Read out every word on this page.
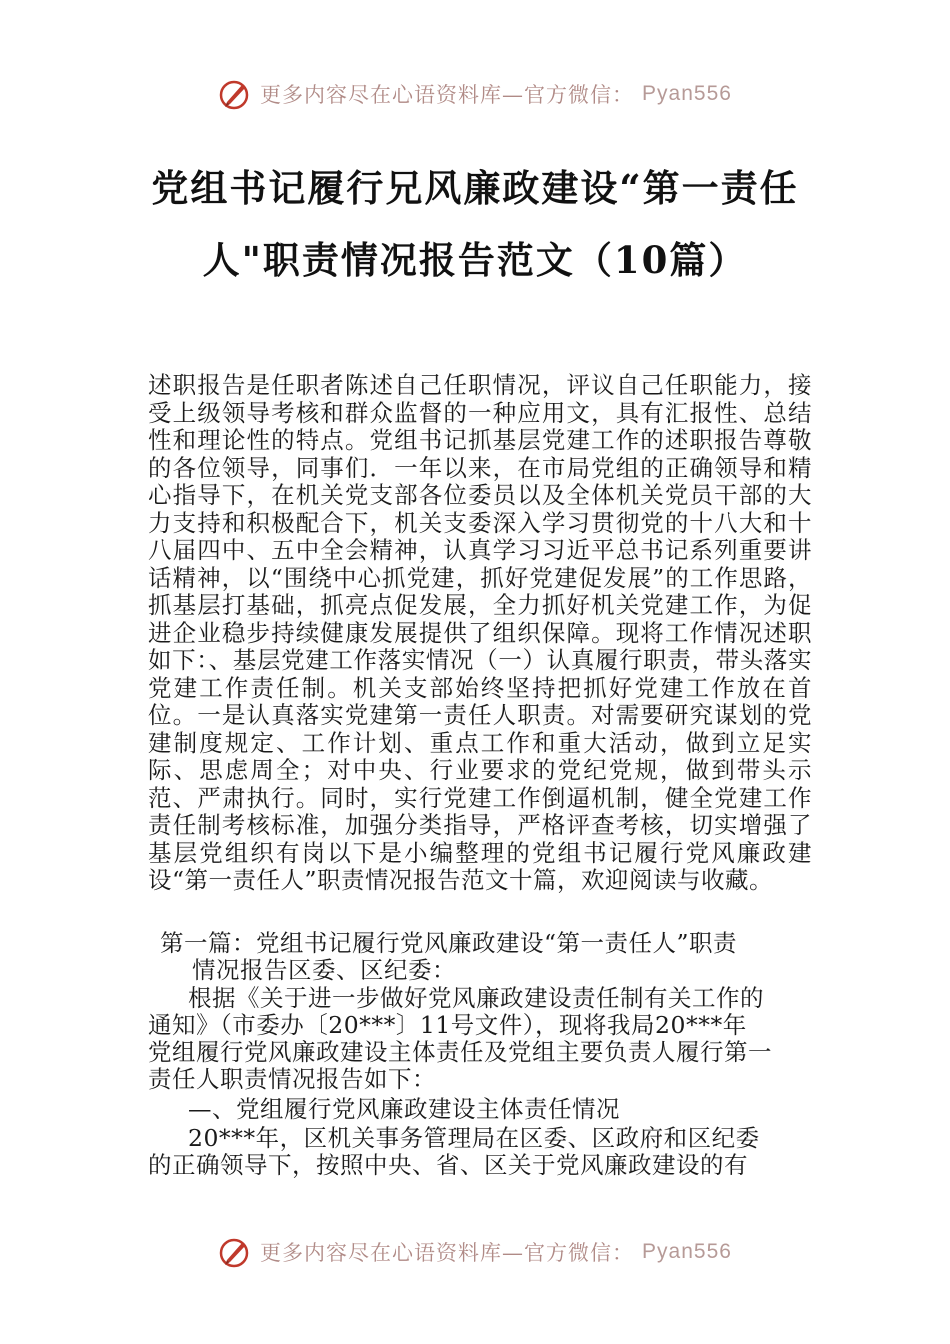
更多内容尽在心语资料库—官方微信： Pyan556
党组书记履行兄风廉政建设“第一责任
人"职责情况报告范文（10篇）
述职报告是任职者陈述自己任职情况，评议自己任职能力，接受上级领导考核和群众监督的一种应用文，具有汇报性、总结性和理论性的特点。党组书记抓基层党建工作的述职报告尊敬的各位领导，同事们．一年以来，在市局党组的正确领导和精心指导下，在机关党支部各位委员以及全体机关党员干部的大力支持和积极配合下，机关支委深入学习贯彻党的十八大和十八届四中、五中全会精神，认真学习习近平总书记系列重要讲话精神，以“围绕中心抓党建，抓好党建促发展”的工作思路，抓基层打基础，抓亮点促发展，全力抓好机关党建工作，为促进企业稳步持续健康发展提供了组织保障。现将工作情况述职如下：、基层党建工作落实情况（一）认真履行职责，带头落实党建工作责任制。机关支部始终坚持把抓好党建工作放在首位。一是认真落实党建第一责任人职责。对需要研究谋划的党建制度规定、工作计划、重点工作和重大活动，做到立足实际、思虑周全；对中央、行业要求的党纪党规，做到带头示范、严肃执行。同时，实行党建工作倒逼机制，健全党建工作责任制考核标准，加强分类指导，严格评查考核，切实增强了基层党组织有岗以下是小编整理的党组书记履行党风廉政建设“第一责任人”职责情况报告范文十篇，欢迎阅读与收藏。
第一篇：党组书记履行党风廉政建设“第一责任人”职责
情况报告区委、区纪委：
根据《关于进一步做好党风廉政建设责任制有关工作的
通知》（市委办〔20***〕11号文件），现将我局20***年
党组履行党风廉政建设主体责任及党组主要负责人履行第一
责任人职责情况报告如下：
—、党组履行党风廉政建设主体责任情况
20***年，区机关事务管理局在区委、区政府和区纪委
的正确领导下，按照中央、省、区关于党风廉政建设的有
更多内容尽在心语资料库—官方微信： Pyan556
